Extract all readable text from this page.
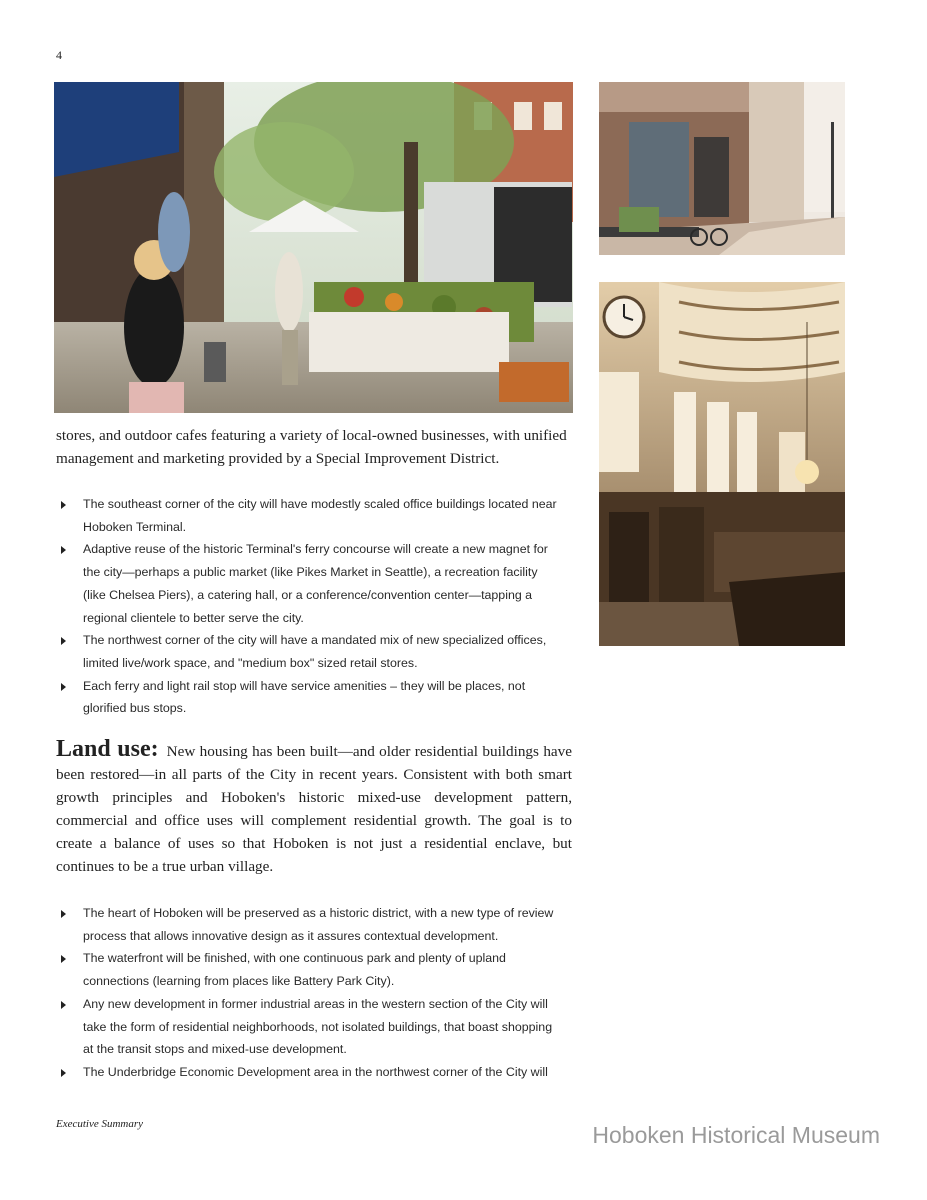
4

stores, and outdoor cafes featuring a variety of local-owned businesses, with unified management and marketing provided by a Special Improvement District.

The southeast corner of the city will have modestly scaled office buildings located near Hoboken Terminal.
Adaptive reuse of the historic Terminal's ferry concourse will create a new magnet for the city—perhaps a public market (like Pikes Market in Seattle), a recreation facility (like Chelsea Piers), a catering hall, or a conference/convention center—tapping a regional clientele to better serve the city.
The northwest corner of the city will have a mandated mix of new specialized offices, limited live/work space, and "medium box" sized retail stores.
Each ferry and light rail stop will have service amenities – they will be places, not glorified bus stops.

Land use: New housing has been built—and older residential buildings have been restored—in all parts of the City in recent years. Consistent with both smart growth principles and Hoboken's historic mixed-use development pattern, commercial and office uses will complement residential growth. The goal is to create a balance of uses so that Hoboken is not just a residential enclave, but continues to be a true urban village.

The heart of Hoboken will be preserved as a historic district, with a new type of review process that allows innovative design as it assures contextual development.
The waterfront will be finished, with one continuous park and plenty of upland connections (learning from places like Battery Park City).
Any new development in former industrial areas in the western section of the City will take the form of residential neighborhoods, not isolated buildings, that boast shopping at the transit stops and mixed-use development.
The Underbridge Economic Development area in the northwest corner of the City will
Executive Summary	Hoboken Historical Museum
